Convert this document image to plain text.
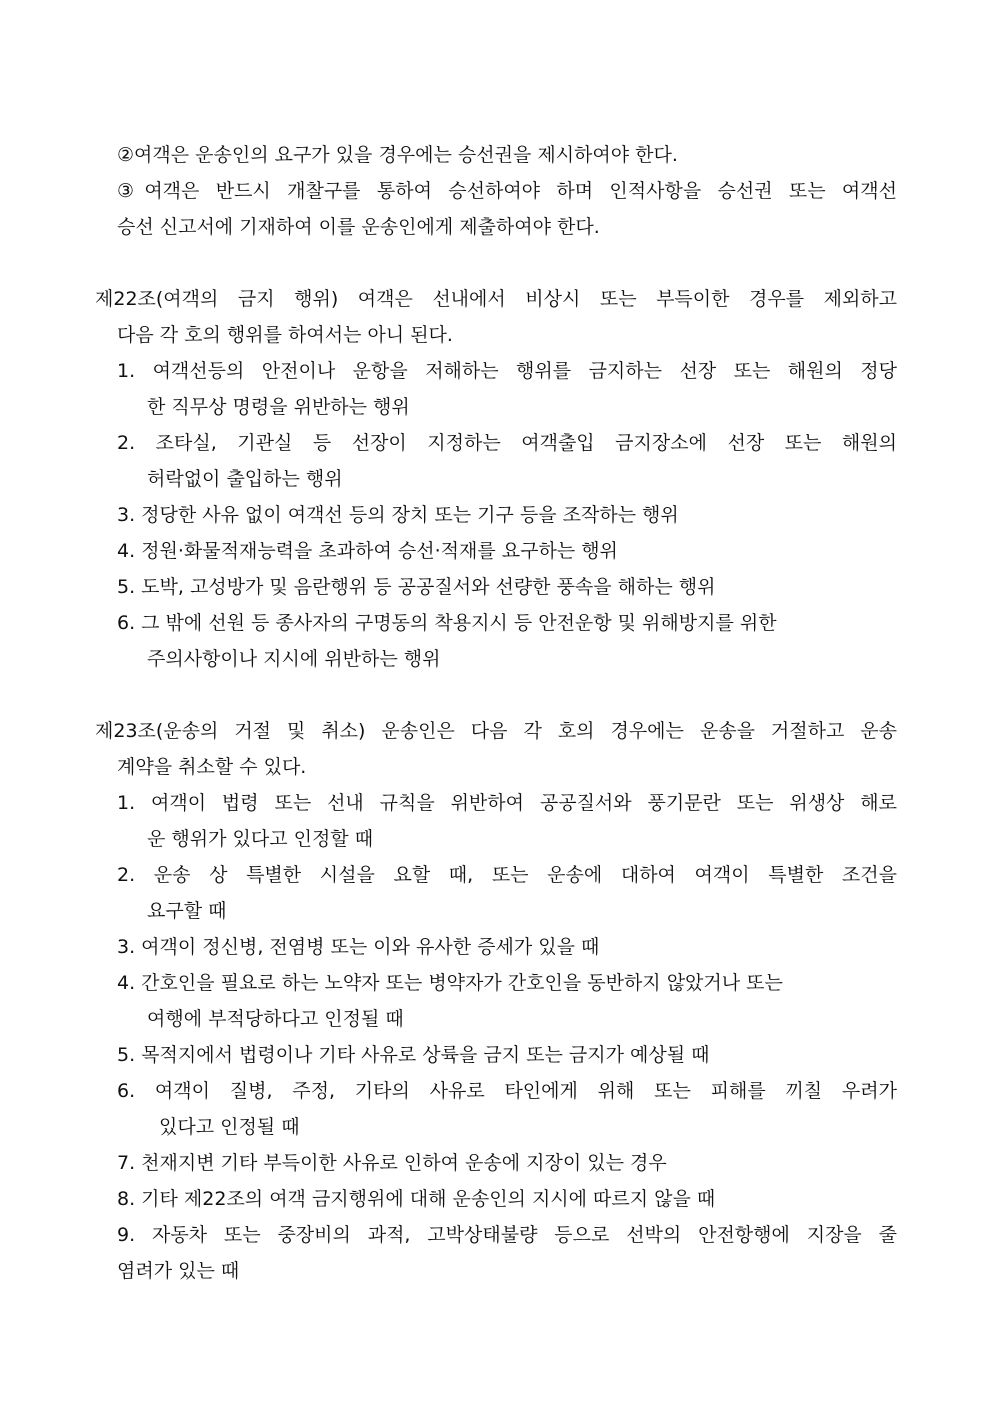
②여객은 운송인의 요구가 있을 경우에는 승선권을 제시하여야 한다.

③여객은 반드시 개찰구를 통하여 승선하여야 하며 인적사항을 승선권 또는 여객선

승선 신고서에 기재하여 이를 운송인에게 제출하여야 한다.

제22조(여객의 금지 행위) 여객은 선내에서 비상시 또는 부득이한 경우를 제외하고

다음 각 호의 행위를 하여서는 아니 된다.

1. 여객선등의 안전이나 운항을 저해하는 행위를 금지하는 선장 또는 해원의 정당

한 직무상 명령을 위반하는 행위

2. 조타실, 기관실 등 선장이 지정하는 여객출입 금지장소에 선장 또는 해원의

허락없이 출입하는 행위

3. 정당한 사유 없이 여객선 등의 장치 또는 기구 등을 조작하는 행위

4. 정원·화물적재능력을 초과하여 승선·적재를 요구하는 행위

5. 도박, 고성방가 및 음란행위 등 공공질서와 선량한 풍속을 해하는 행위

6. 그 밖에 선원 등 종사자의 구명동의 착용지시 등 안전운항 및 위해방지를 위한

주의사항이나 지시에 위반하는 행위

제23조(운송의 거절 및 취소) 운송인은 다음 각 호의 경우에는 운송을 거절하고 운송

계약을 취소할 수 있다.

1. 여객이 법령 또는 선내 규칙을 위반하여 공공질서와 풍기문란 또는 위생상 해로

운 행위가 있다고 인정할 때

2. 운송 상 특별한 시설을 요할 때, 또는 운송에 대하여 여객이 특별한 조건을

요구할 때

3. 여객이 정신병, 전염병 또는 이와 유사한 증세가 있을 때

4. 간호인을 필요로 하는 노약자 또는 병약자가 간호인을 동반하지 않았거나 또는

여행에 부적당하다고 인정될 때

5. 목적지에서 법령이나 기타 사유로 상륙을 금지 또는 금지가 예상될 때

6. 여객이 질병, 주정, 기타의 사유로 타인에게 위해 또는 피해를 끼칠 우려가

있다고 인정될 때

7. 천재지변 기타 부득이한 사유로 인하여 운송에 지장이 있는 경우

8. 기타 제22조의 여객 금지행위에 대해 운송인의 지시에 따르지 않을 때

9. 자동차 또는 중장비의 과적, 고박상태불량 등으로 선박의 안전항행에 지장을 줄

염려가 있는 때
